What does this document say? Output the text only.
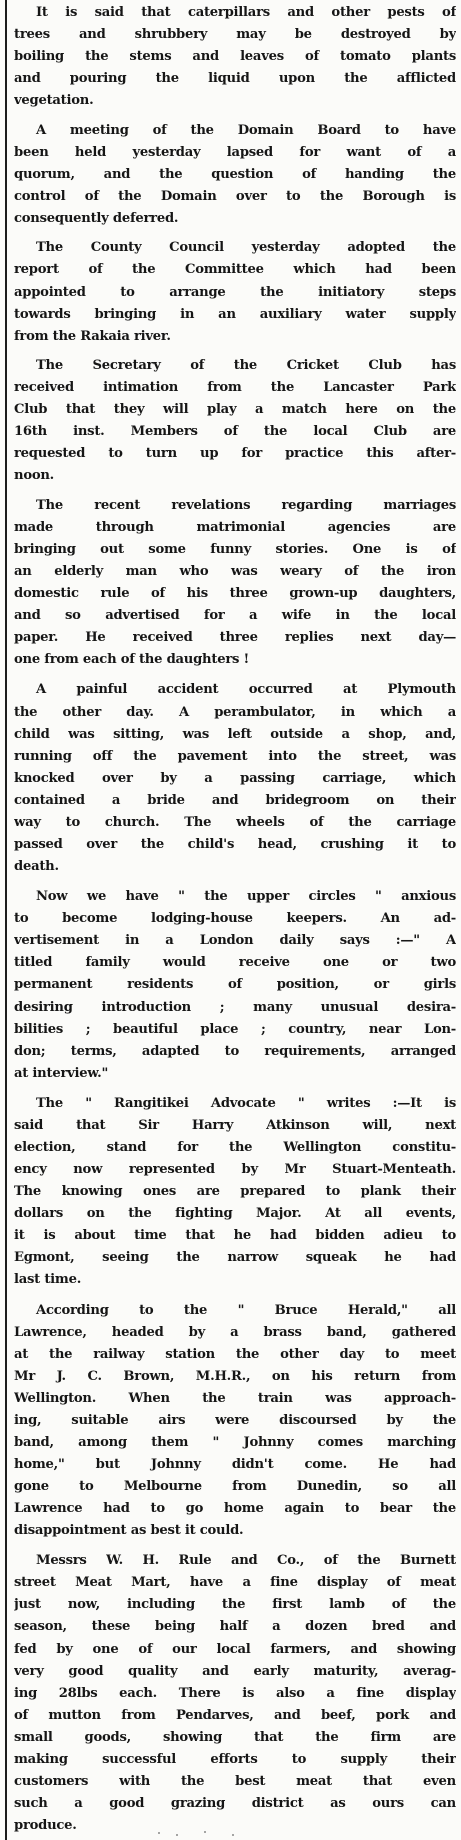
It is said that caterpillars and other pests of
trees and shrubbery may be destroyed by
boiling the stems and leaves of tomato plants
and pouring the liquid upon the afflicted
vegetation.
A meeting of the Domain Board to have
been held yesterday lapsed for want of a
quorum, and the question of handing the
control of the Domain over to the Borough is
consequently deferred.
The County Council yesterday adopted the
report of the Committee which had been
appointed to arrange the initiatory steps
towards bringing in an auxiliary water supply
from the Rakaia river.
The Secretary of the Cricket Club has
received intimation from the Lancaster Park
Club that they will play a match here on the
16th inst. Members of the local Club are
requested to turn up for practice this after-
noon.
The recent revelations regarding marriages
made through matrimonial agencies are
bringing out some funny stories. One is of
an elderly man who was weary of the iron
domestic rule of his three grown-up daughters,
and so advertised for a wife in the local
paper. He received three replies next day—
one from each of the daughters !
A painful accident occurred at Plymouth
the other day. A perambulator, in which a
child was sitting, was left outside a shop, and,
running off the pavement into the street, was
knocked over by a passing carriage, which
contained a bride and bridegroom on their
way to church. The wheels of the carriage
passed over the child's head, crushing it to
death.
Now we have " the upper circles " anxious
to become lodging-house keepers. An ad-
vertisement in a London daily says :—" A
titled family would receive one or two
permanent residents of position, or girls
desiring introduction ; many unusual desira-
bilities ; beautiful place ; country, near Lon-
don; terms, adapted to requirements, arranged
at interview."
The " Rangitikei Advocate " writes :—It is
said that Sir Harry Atkinson will, next
election, stand for the Wellington constitu-
ency now represented by Mr Stuart-Menteath.
The knowing ones are prepared to plank their
dollars on the fighting Major. At all events,
it is about time that he had bidden adieu to
Egmont, seeing the narrow squeak he had
last time.
According to the " Bruce Herald," all
Lawrence, headed by a brass band, gathered
at the railway station the other day to meet
Mr J. C. Brown, M.H.R., on his return from
Wellington. When the train was approach-
ing, suitable airs were discoursed by the
band, among them " Johnny comes marching
home," but Johnny didn't come. He had
gone to Melbourne from Dunedin, so all
Lawrence had to go home again to bear the
disappointment as best it could.
Messrs W. H. Rule and Co., of the Burnett
street Meat Mart, have a fine display of meat
just now, including the first lamb of the
season, these being half a dozen bred and
fed by one of our local farmers, and showing
very good quality and early maturity, averag-
ing 28lbs each. There is also a fine display
of mutton from Pendarves, and beef, pork and
small goods, showing that the firm are
making successful efforts to supply their
customers with the best meat that even
such a good grazing district as ours can
produce.
